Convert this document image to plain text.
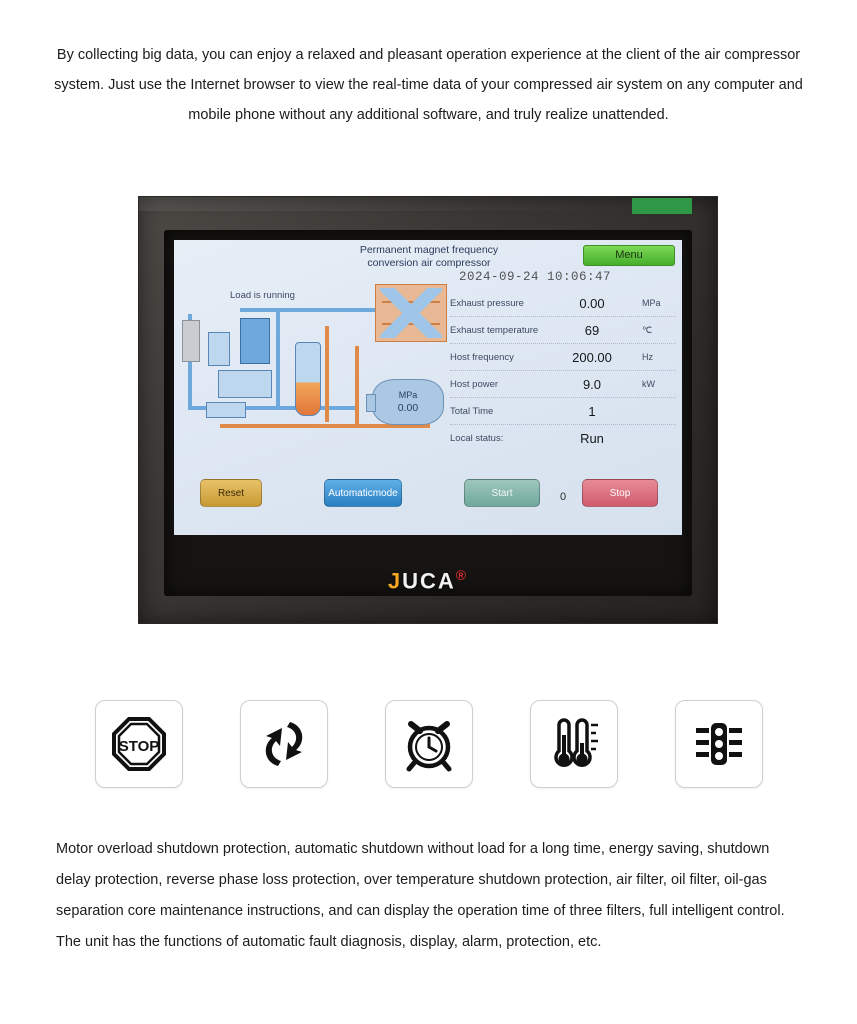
By collecting big data, you can enjoy a relaxed and pleasant operation experience at the client of the air compressor system. Just use the Internet browser to view the real-time data of your compressed air system on any computer and mobile phone without any additional software, and truly realize unattended.

Permanent magnet frequency
conversion air compressor
Menu
2024-09-24 10:06:47
Load is running
MPa
0.00
Exhaust pressure	0.00	MPa
Exhaust temperature	69	℃
Host frequency	200.00	Hz
Host power	9.0	kW
Total Time	1
Local status:	Run
Reset	Automatic mode	Start	Stop
0
JUCA®
STOP

Motor overload shutdown protection, automatic shutdown without load for a long time, energy saving, shutdown delay protection, reverse phase loss protection, over temperature shutdown protection, air filter, oil filter, oil-gas separation core maintenance instructions, and can display the operation time of three filters, full intelligent control. The unit has the functions of automatic fault diagnosis, display, alarm, protection, etc.
